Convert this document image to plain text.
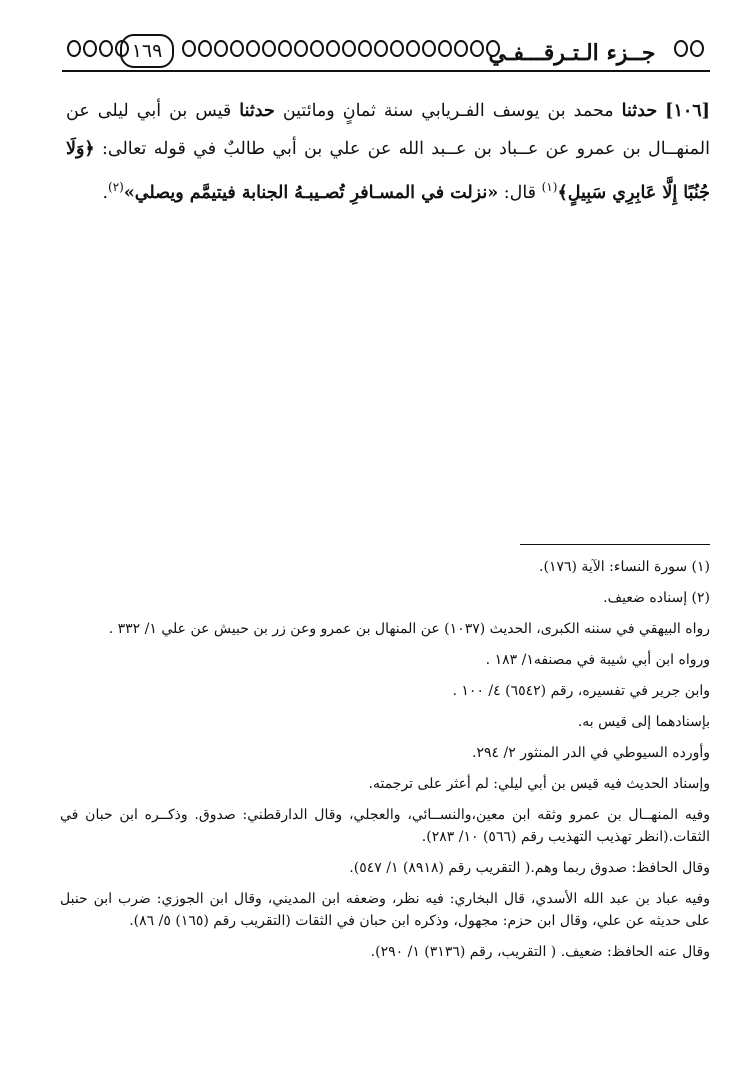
١٦٩	جــزء الـتـرقـــفـي
[١٠٦] حدثنا محمد بن يوسف الفـريابي سنة ثمانٍ ومائتين حدثنا قيس بن أبي ليلى عن المنهــال بن عمرو عن عــباد بن عــبد الله عن علي بن أبي طالبٌ في قوله تعالى: ﴿وَلَا جُنُبًا إِلَّا عَابِرِي سَبِيلٍ﴾$^{(١)}$ قال: «نزلت في المسـافرِ تُصـيبـهُ الجنابة فيتيمَّم ويصلي»$^{(٢)}$.

(١) سورة النساء: الآية (١٧٦).

(٢) إسناده ضعيف.

رواه البيهقي في سننه الكبرى، الحديث (١٠٣٧) عن المنهال بن عمرو وعن زر بن حبيش عن علي ١/ ٣٣٢ .

ورواه ابن أبي شيبة في مصنفه١/ ١٨٣ .

وابن جرير في تفسيره، رقم (٦٥٤٢) ٤/ ١٠٠ .

بإسنادهما إلى قيس به.

وأورده السيوطي في الدر المنثور ٢/ ٢٩٤.

وإسناد الحديث فيه قيس بن أبي ليلي: لم أعثر على ترجمته.

وفيه المنهــال بن عمرو وثقه ابن معين،والنســائي، والعجلي، وقال الدارقطني: صدوق. وذكــره ابن حبان في الثقات.(انظر تهذيب التهذيب رقم (٥٦٦) ١٠/ ٢٨٣).

وقال الحافظ: صدوق ربما وهم.( التقريب رقم (٨٩١٨) ١/ ٥٤٧).

وفيه عباد بن عبد الله الأسدي، قال البخاري: فيه نظر، وضعفه ابن المديني، وقال ابن الجوزي: ضرب ابن حنبل على حديثه عن علي، وقال ابن حزم: مجهول، وذكره ابن حبان في الثقات (التقريب رقم (١٦٥) ٥/ ٨٦).

وقال عنه الحافظ: ضعيف. ( التقريب، رقم (٣١٣٦) ١/ ٢٩٠).
